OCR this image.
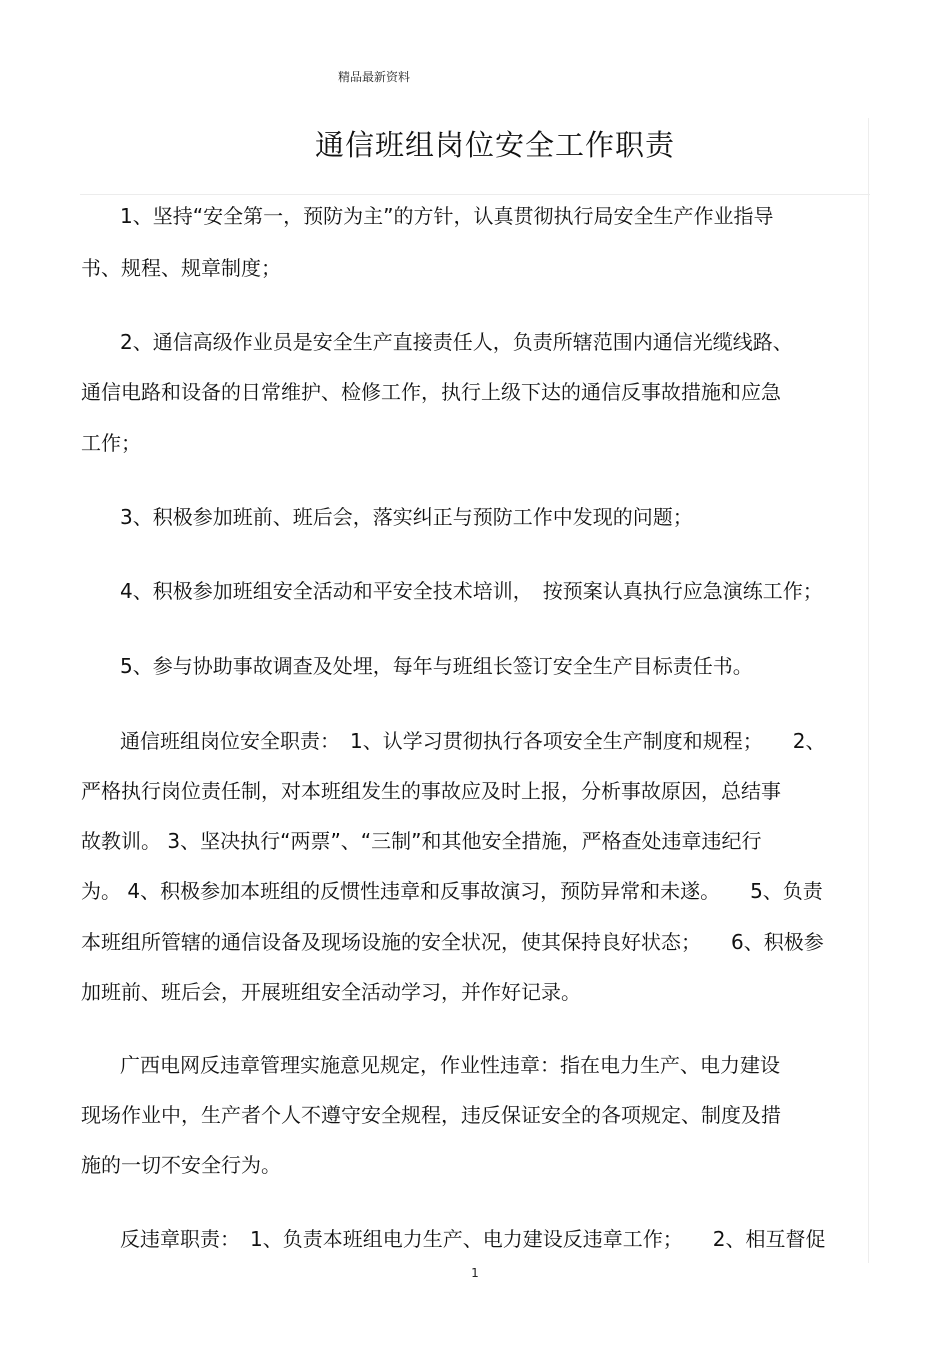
精品最新资料
通信班组岗位安全工作职责
1、坚持“安全第一，预防为主”的方针，认真贯彻执行局安全生产作业指导
书、规程、规章制度；
2、通信高级作业员是安全生产直接责任人，负责所辖范围内通信光缆线路、
通信电路和设备的日常维护、检修工作，执行上级下达的通信反事故措施和应急
工作；
3、积极参加班前、班后会，落实纠正与预防工作中发现的问题；
4、积极参加班组安全活动和平安全技术培训，　按预案认真执行应急演练工作；
5、参与协助事故调查及处埋，每年与班组长签订安全生产目标责任书。
通信班组岗位安全职责：　1、认学习贯彻执行各项安全生产制度和规程；　　2、
严格执行岗位责任制，对本班组发生的事故应及时上报，分析事故原因，总结事
故教训。 3、坚决执行“两票”、“三制”和其他安全措施，严格查处违章违纪行
为。 4、积极参加本班组的反惯性违章和反事故演习，预防异常和未遂。　　5、负责
本班组所管辖的通信设备及现场设施的安全状况，使其保持良好状态；　　6、积极参
加班前、班后会，开展班组安全活动学习，并作好记录。
广西电网反违章管理实施意见规定，作业性违章：指在电力生产、电力建设
现场作业中，生产者个人不遵守安全规程，违反保证安全的各项规定、制度及措
施的一切不安全行为。
反违章职责：　1、负责本班组电力生产、电力建设反违章工作；　　2、相互督促
1
